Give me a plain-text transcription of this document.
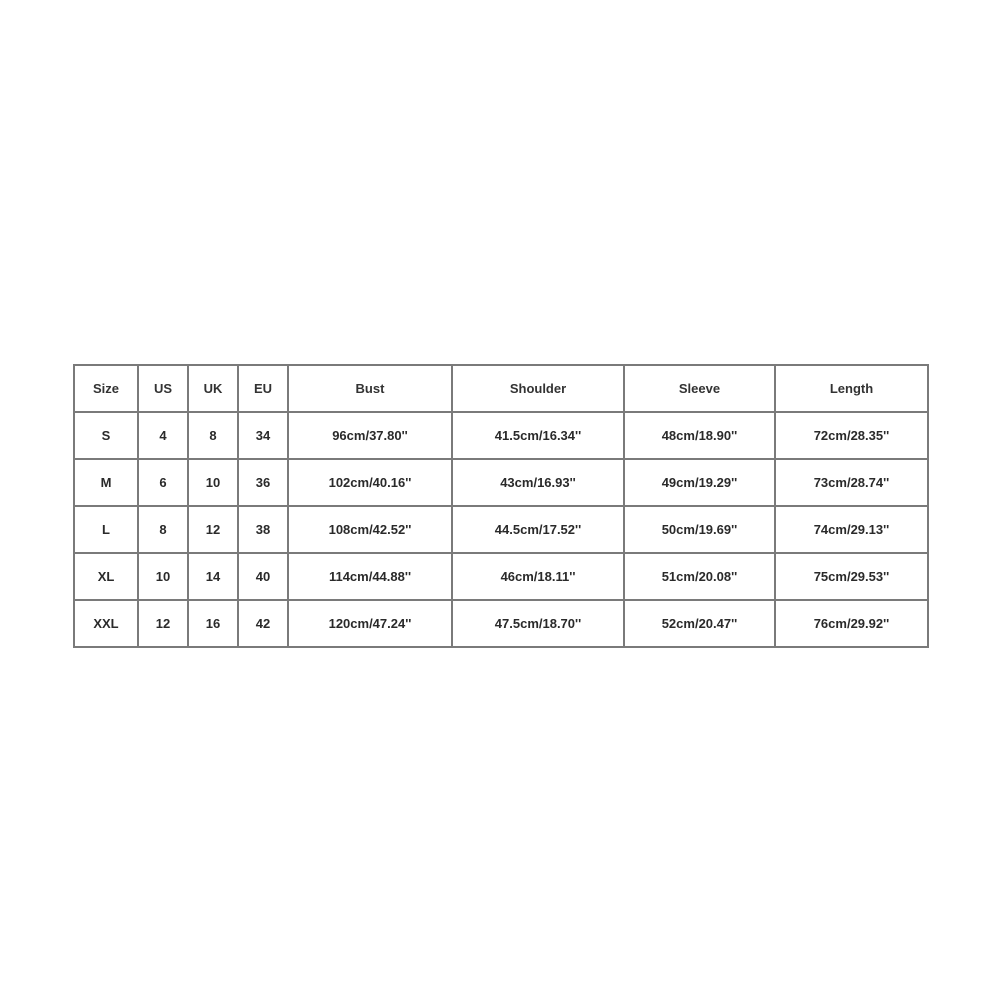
Size	US	UK	EU	Bust	Shoulder	Sleeve	Length
S	4	8	34	96cm/37.80''	41.5cm/16.34''	48cm/18.90''	72cm/28.35''
M	6	10	36	102cm/40.16''	43cm/16.93''	49cm/19.29''	73cm/28.74''
L	8	12	38	108cm/42.52''	44.5cm/17.52''	50cm/19.69''	74cm/29.13''
XL	10	14	40	114cm/44.88''	46cm/18.11''	51cm/20.08''	75cm/29.53''
XXL	12	16	42	120cm/47.24''	47.5cm/18.70''	52cm/20.47''	76cm/29.92''
